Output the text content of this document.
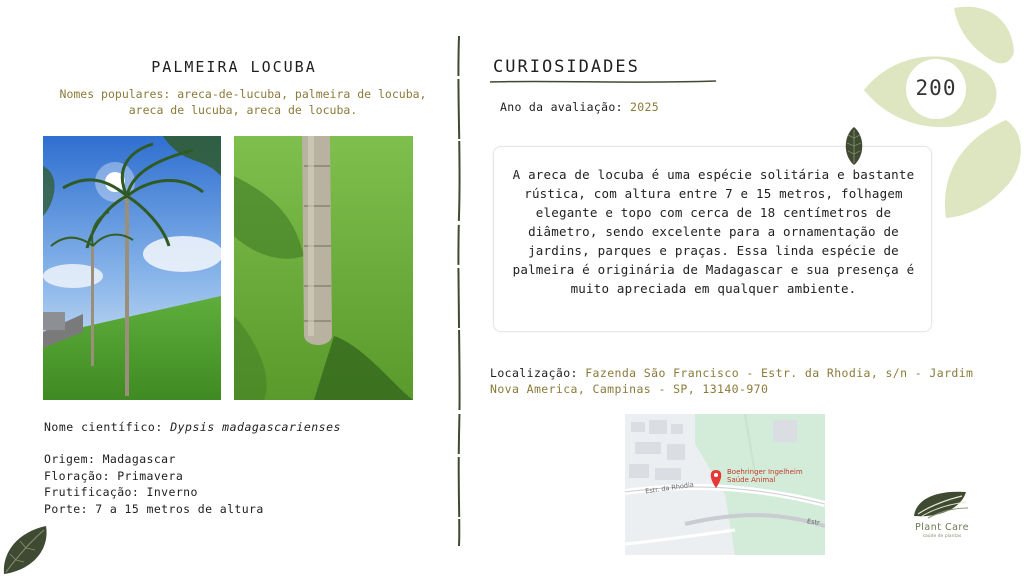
200
PALMEIRA LOCUBA
Nomes populares: areca-de-lucuba, palmeira de locuba,
areca de lucuba, areca de locuba.
Nome científico: Dypsis madagascarienses
Origem: Madagascar
Floração: Primavera
Frutificação: Inverno
Porte: 7 a 15 metros de altura
CURIOSIDADES
Ano da avaliação: 2025
A areca de locuba é uma espécie solitária e bastante rústica, com altura entre 7 e 15 metros, folhagem elegante e topo com cerca de 18 centímetros de diâmetro, sendo excelente para a ornamentação de jardins, parques e praças. Essa linda espécie de palmeira é originária de Madagascar e sua presença é muito apreciada em qualquer ambiente.
Localização: Fazenda São Francisco - Estr. da Rhodia, s/n - Jardim Nova America, Campinas - SP, 13140-970
Boehringer Ingelheim
Saúde Animal
Estr. da Rhodia
Estr	Plant Care
saúde de plantas
